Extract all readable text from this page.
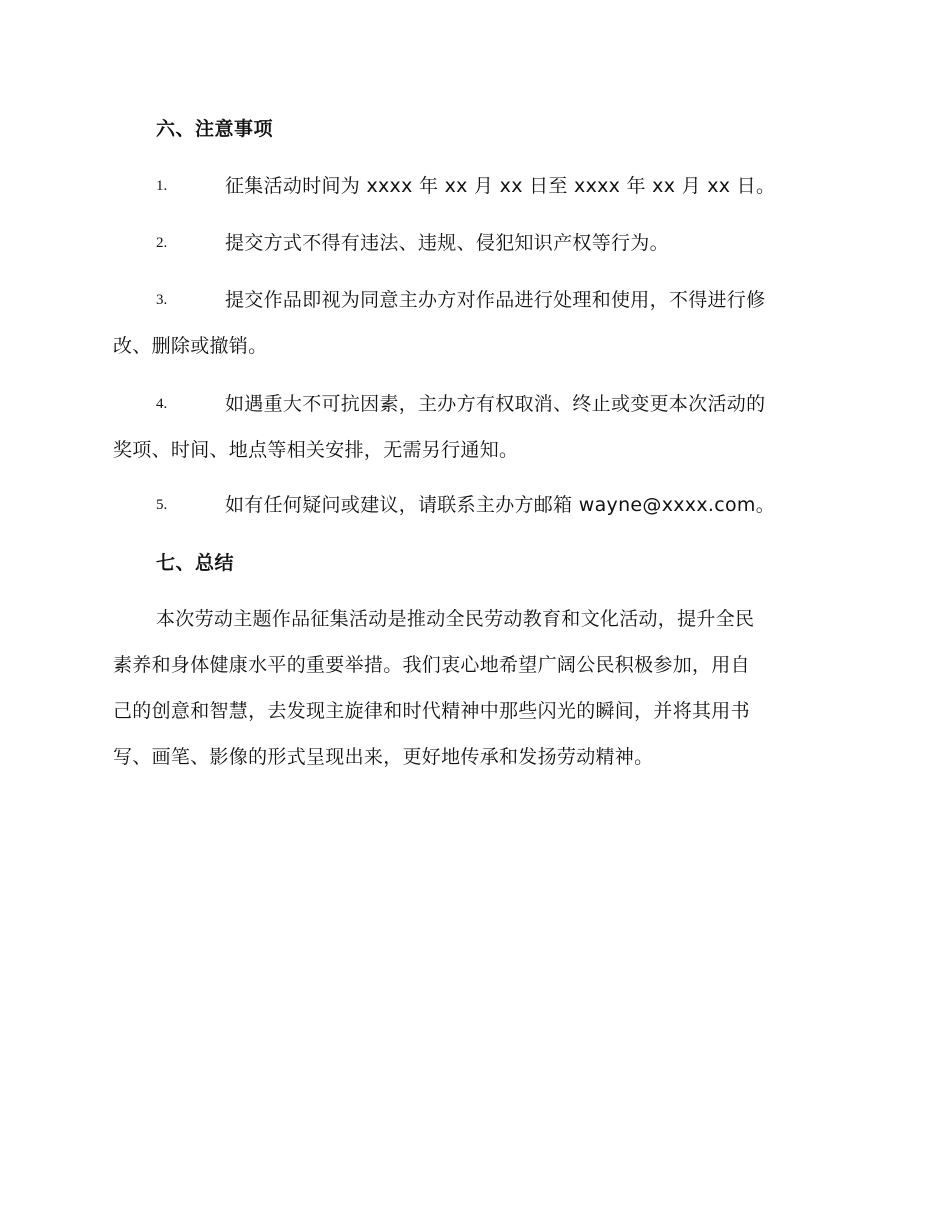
六、注意事项
1.	征集活动时间为 xxxx 年 xx 月 xx 日至 xxxx 年 xx 月 xx 日。
2.	提交方式不得有违法、违规、侵犯知识产权等行为。
3.	提交作品即视为同意主办方对作品进行处理和使用，不得进行修
改、删除或撤销。
4.	如遇重大不可抗因素，主办方有权取消、终止或变更本次活动的
奖项、时间、地点等相关安排，无需另行通知。
5.	如有任何疑问或建议，请联系主办方邮箱 wayne@xxxx.com。
七、总结
本次劳动主题作品征集活动是推动全民劳动教育和文化活动，提升全民
素养和身体健康水平的重要举措。我们衷心地希望广阔公民积极参加，用自
己的创意和智慧，去发现主旋律和时代精神中那些闪光的瞬间，并将其用书
写、画笔、影像的形式呈现出来，更好地传承和发扬劳动精神。
